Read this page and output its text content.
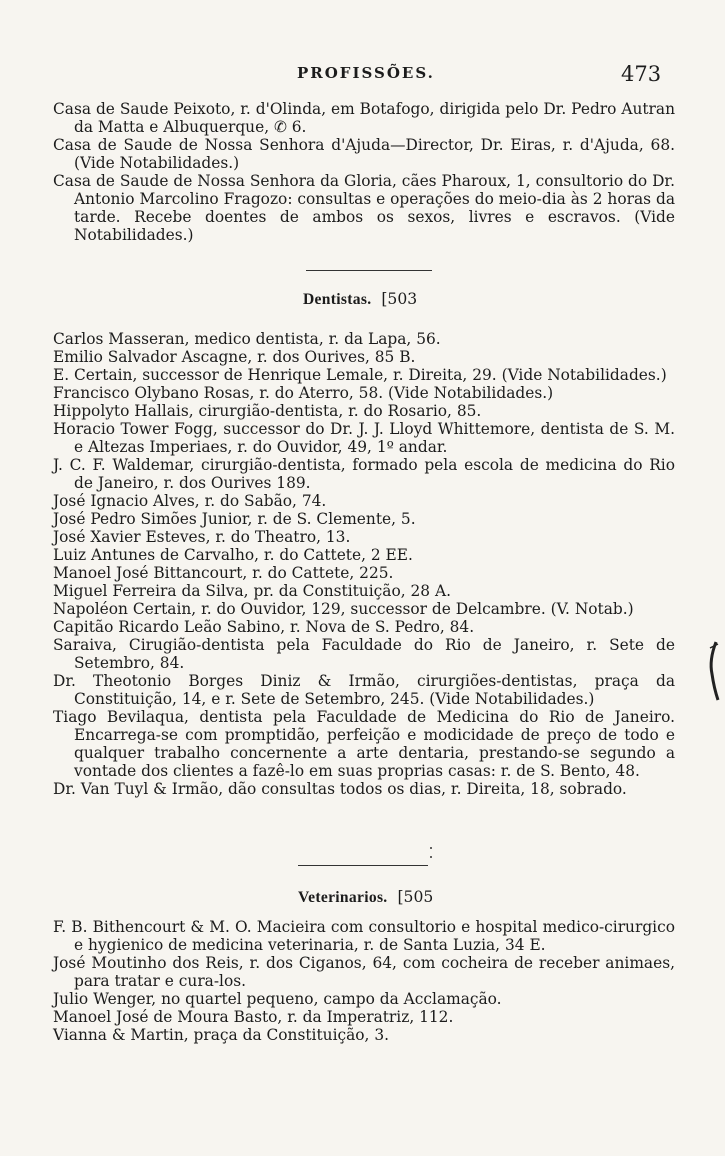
PROFISSÕES.	473

Casa de Saude Peixoto, r. d'Olinda, em Botafogo, dirigida pelo Dr. Pedro Autran da Matta e Albuquerque, ✆ 6.

Casa de Saude de Nossa Senhora d'Ajuda—Director, Dr. Eiras, r. d'Ajuda, 68. (Vide Notabilidades.)

Casa de Saude de Nossa Senhora da Gloria, cães Pharoux, 1, consultorio do Dr. Antonio Marcolino Fragozo: consultas e operações do meio-dia às 2 horas da tarde. Recebe doentes de ambos os sexos, livres e escravos. (Vide Notabilidades.)

Dentistas. [503

Carlos Masseran, medico dentista, r. da Lapa, 56.

Emilio Salvador Ascagne, r. dos Ourives, 85 B.

E. Certain, successor de Henrique Lemale, r. Direita, 29. (Vide Notabilidades.)

Francisco Olybano Rosas, r. do Aterro, 58. (Vide Notabilidades.)

Hippolyto Hallais, cirurgião-dentista, r. do Rosario, 85.

Horacio Tower Fogg, successor do Dr. J. J. Lloyd Whittemore, dentista de S. M. e Altezas Imperiaes, r. do Ouvidor, 49, 1º andar.

J. C. F. Waldemar, cirurgião-dentista, formado pela escola de medicina do Rio de Janeiro, r. dos Ourives 189.

José Ignacio Alves, r. do Sabão, 74.

José Pedro Simões Junior, r. de S. Clemente, 5.

José Xavier Esteves, r. do Theatro, 13.

Luiz Antunes de Carvalho, r. do Cattete, 2 EE.

Manoel José Bittancourt, r. do Cattete, 225.

Miguel Ferreira da Silva, pr. da Constituição, 28 A.

Napoléon Certain, r. do Ouvidor, 129, successor de Delcambre. (V. Notab.)

Capitão Ricardo Leão Sabino, r. Nova de S. Pedro, 84.

Saraiva, Cirugião-dentista pela Faculdade do Rio de Janeiro, r. Sete de Setembro, 84.

Dr. Theotonio Borges Diniz & Irmão, cirurgiões-dentistas, praça da Constituição, 14, e r. Sete de Setembro, 245. (Vide Notabilidades.)

Tiago Bevilaqua, dentista pela Faculdade de Medicina do Rio de Janeiro. Encarrega-se com promptidão, perfeição e modicidade de preço de todo e qualquer trabalho concernente a arte dentaria, prestando-se segundo a vontade dos clientes a fazê-lo em suas proprias casas: r. de S. Bento, 48.

Dr. Van Tuyl & Irmão, dão consultas todos os dias, r. Direita, 18, sobrado.

Veterinarios. [505

F. B. Bithencourt & M. O. Macieira com consultorio e hospital medico-cirurgico e hygienico de medicina veterinaria, r. de Santa Luzia, 34 E.

José Moutinho dos Reis, r. dos Ciganos, 64, com cocheira de receber animaes, para tratar e cura-los.

Julio Wenger, no quartel pequeno, campo da Acclamação.

Manoel José de Moura Basto, r. da Imperatriz, 112.

Vianna & Martin, praça da Constituição, 3.
